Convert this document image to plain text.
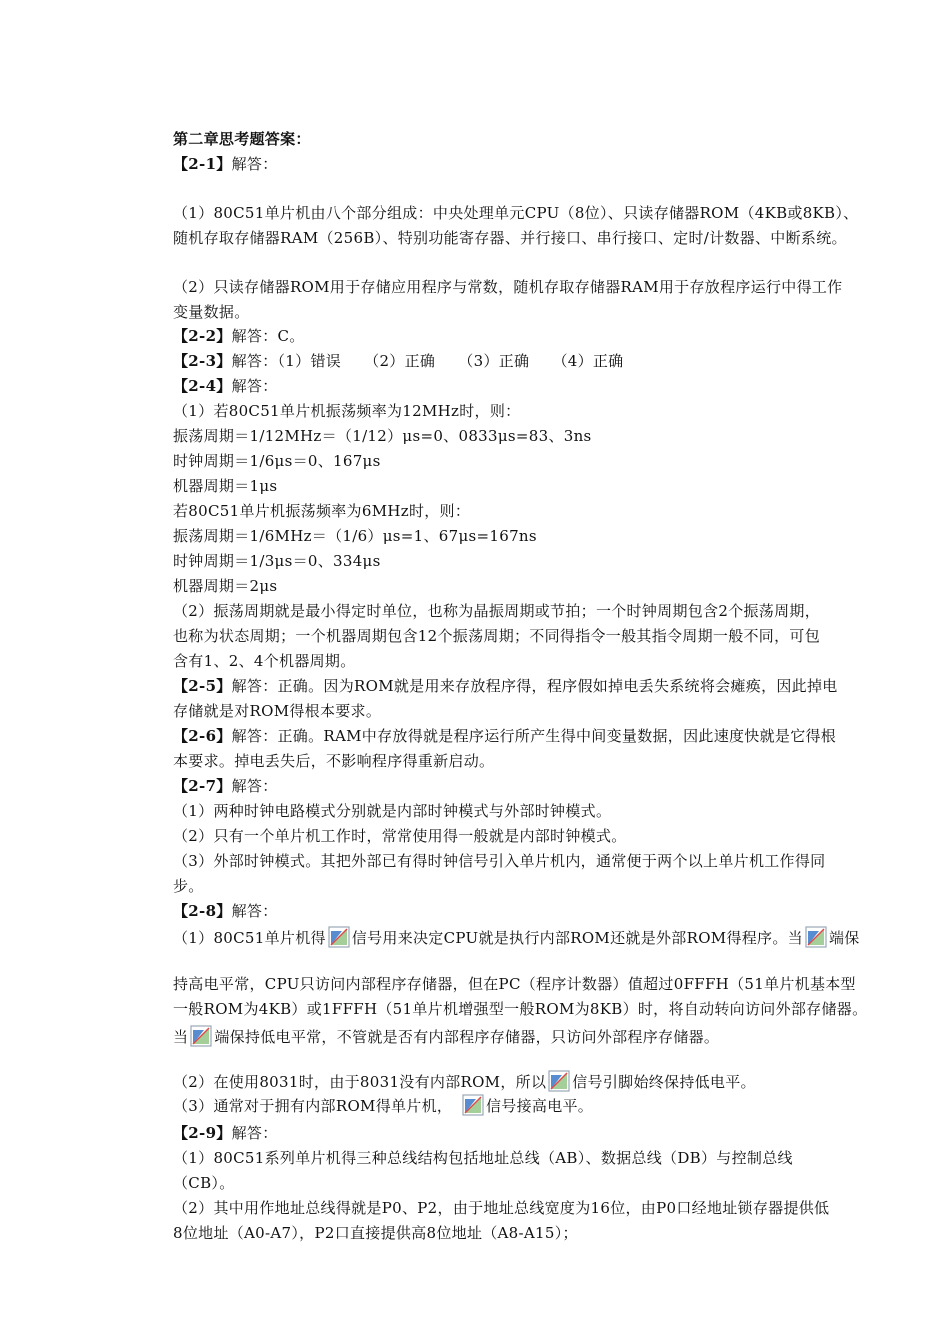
第二章思考题答案：
【2-1】解答：
（1）80C51单片机由八个部分组成：中央处理单元CPU（8位）、只读存储器ROM（4KB或8KB）、
随机存取存储器RAM（256B）、特别功能寄存器、并行接口、串行接口、定时/计数器、中断系统。
（2）只读存储器ROM用于存储应用程序与常数，随机存取存储器RAM用于存放程序运行中得工作
变量数据。
【2-2】解答：C。
【2-3】解答：（1）错误　　（2）正确　　（3）正确　　（4）正确
【2-4】解答：
（1）若80C51单片机振荡频率为12MHz时，则：
振荡周期＝1/12MHz＝（1/12）μs=0、0833μs=83、3ns
时钟周期＝1/6μs＝0、167μs
机器周期＝1μs
若80C51单片机振荡频率为6MHz时，则：
振荡周期＝1/6MHz＝（1/6）μs=1、67μs=167ns
时钟周期＝1/3μs＝0、334μs
机器周期＝2μs
（2）振荡周期就是最小得定时单位，也称为晶振周期或节拍；一个时钟周期包含2个振荡周期，
也称为状态周期；一个机器周期包含12个振荡周期；不同得指令一般其指令周期一般不同，可包
含有1、2、4个机器周期。
【2-5】解答：正确。因为ROM就是用来存放程序得，程序假如掉电丢失系统将会瘫痪，因此掉电
存储就是对ROM得根本要求。
【2-6】解答：正确。RAM中存放得就是程序运行所产生得中间变量数据，因此速度快就是它得根
本要求。掉电丢失后，不影响程序得重新启动。
【2-7】解答：
（1）两种时钟电路模式分别就是内部时钟模式与外部时钟模式。
（2）只有一个单片机工作时，常常使用得一般就是内部时钟模式。
（3）外部时钟模式。其把外部已有得时钟信号引入单片机内，通常便于两个以上单片机工作得同
步。
【2-8】解答：
（1）80C51单片机得 信号用来决定CPU就是执行内部ROM还就是外部ROM得程序。当 端保
持高电平常，CPU只访问内部程序存储器，但在PC（程序计数器）值超过0FFFH（51单片机基本型
一般ROM为4KB）或1FFFH（51单片机增强型一般ROM为8KB）时，将自动转向访问外部存储器。
当 端保持低电平常，不管就是否有内部程序存储器，只访问外部程序存储器。
（2）在使用8031时，由于8031没有内部ROM，所以 信号引脚始终保持低电平。
（3）通常对于拥有内部ROM得单片机，　
信号接高电平。
【2-9】解答：
（1）80C51系列单片机得三种总线结构包括地址总线（AB）、数据总线（DB）与控制总线
（CB）。
（2）其中用作地址总线得就是P0、P2，由于地址总线宽度为16位，由P0口经地址锁存器提供低
8位地址（A0-A7），P2口直接提供高8位地址（A8-A15）；
